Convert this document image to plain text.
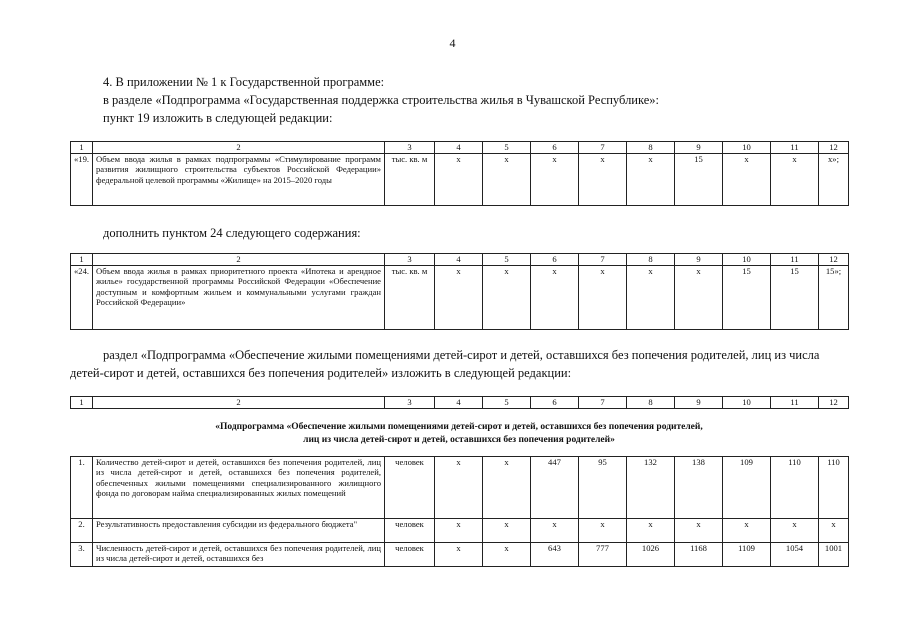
4
4. В приложении № 1 к Государственной программе:
в разделе «Подпрограмма «Государственная поддержка строительства жилья в Чувашской Республике»:
пункт 19 изложить в следующей редакции:
1	2	3	4	5	6	7	8	9	10	11	12
«19.	Объем ввода жилья в рамках подпрограммы «Стимулирование программ развития жилищного строительства субъектов Российской Федерации» федеральной целевой программы «Жилище» на 2015–2020 годы	тыс. кв. м	х	х	х	х	х	15	х	х	х»;
дополнить пунктом 24 следующего содержания:
1	2	3	4	5	6	7	8	9	10	11	12
«24.	Объем ввода жилья в рамках приоритетного проекта «Ипотека и арендное жилье» государственной программы Российской Федерации «Обеспечение доступным и комфортным жильем и коммунальными услугами граждан Российской Федерации»	тыс. кв. м	х	х	х	х	х	х	15	15	15»;
раздел «Подпрограмма «Обеспечение жилыми помещениями детей-сирот и детей, оставшихся без попечения родителей, лиц из числа детей-сирот и детей, оставшихся без попечения родителей» изложить в следующей редакции:
1	2	3	4	5	6	7	8	9	10	11	12
«Подпрограмма «Обеспечение жилыми помещениями детей-сирот и детей, оставшихся без попечения родителей,
лиц из числа детей-сирот и детей, оставшихся без попечения родителей»
1.	Количество детей-сирот и детей, оставшихся без попечения родителей, лиц из числа детей-сирот и детей, оставшихся без попечения родителей, обеспеченных жилыми помещениями специализированного жилищного фонда по договорам найма специализированных жилых помещений	человек	х	х	447	95	132	138	109	110	110
2.	Результативность предоставления субсидии из федерального бюджета"	человек	х	х	х	х	х	х	х	х	х
3.	Численность детей-сирот и детей, оставшихся без попечения родителей, лиц из числа детей-сирот и детей, оставшихся без	человек	х	х	643	777	1026	1168	1109	1054	1001
